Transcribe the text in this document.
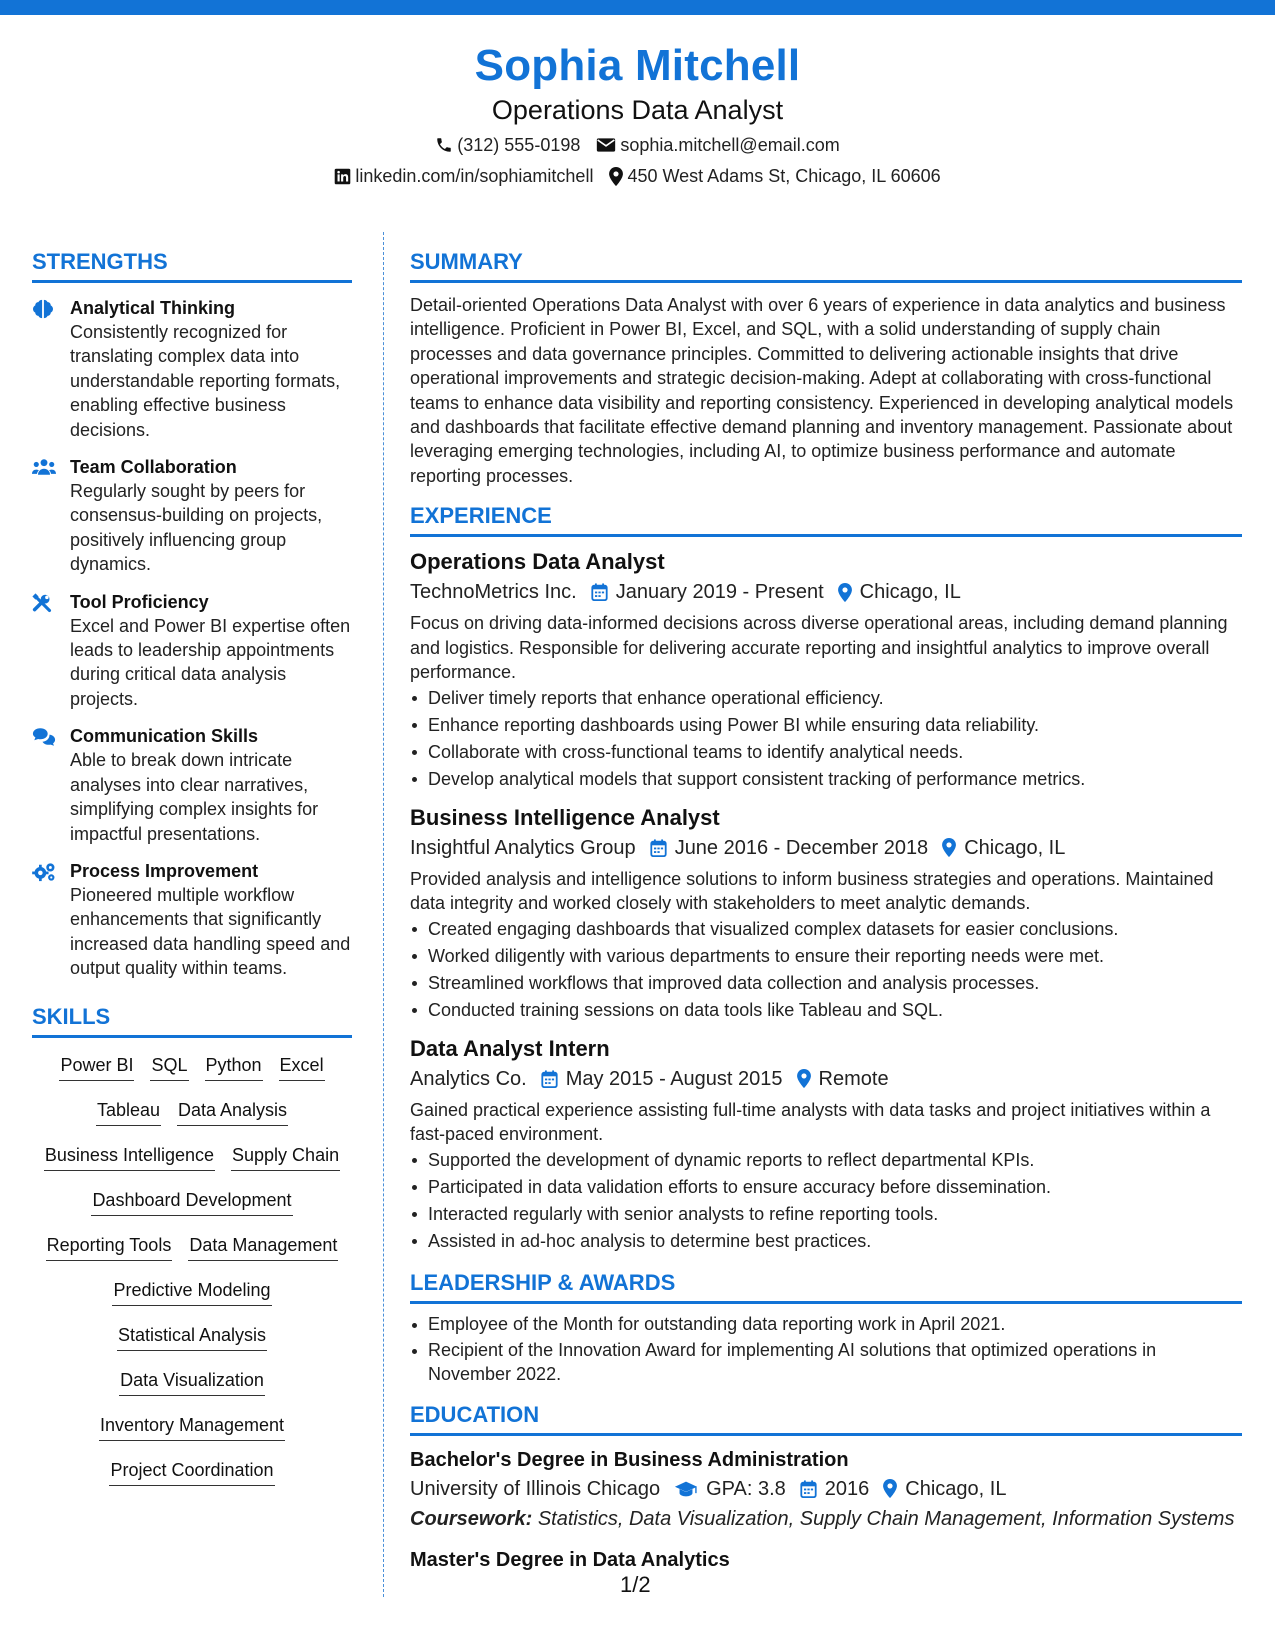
Sophia Mitchell
Operations Data Analyst
(312) 555-0198 sophia.mitchell@email.com
linkedin.com/in/sophiamitchell 450 West Adams St, Chicago, IL 60606
STRENGTHS
Analytical Thinking
Consistently recognized for translating complex data into understandable reporting formats, enabling effective business decisions.
Team Collaboration
Regularly sought by peers for consensus-building on projects, positively influencing group dynamics.
Tool Proficiency
Excel and Power BI expertise often leads to leadership appointments during critical data analysis projects.
Communication Skills
Able to break down intricate analyses into clear narratives, simplifying complex insights for impactful presentations.
Process Improvement
Pioneered multiple workflow enhancements that significantly increased data handling speed and output quality within teams.
SKILLS
Power BI SQL Python Excel
Tableau Data Analysis
Business Intelligence Supply Chain
Dashboard Development
Reporting Tools Data Management
Predictive Modeling
Statistical Analysis
Data Visualization
Inventory Management
Project Coordination
SUMMARY
Detail-oriented Operations Data Analyst with over 6 years of experience in data analytics and business intelligence. Proficient in Power BI, Excel, and SQL, with a solid understanding of supply chain processes and data governance principles. Committed to delivering actionable insights that drive operational improvements and strategic decision-making. Adept at collaborating with cross-functional teams to enhance data visibility and reporting consistency. Experienced in developing analytical models and dashboards that facilitate effective demand planning and inventory management. Passionate about leveraging emerging technologies, including AI, to optimize business performance and automate reporting processes.
EXPERIENCE
Operations Data Analyst
TechnoMetrics Inc. January 2019 - Present Chicago, IL
Focus on driving data-informed decisions across diverse operational areas, including demand planning and logistics. Responsible for delivering accurate reporting and insightful analytics to improve overall performance.
Deliver timely reports that enhance operational efficiency.
Enhance reporting dashboards using Power BI while ensuring data reliability.
Collaborate with cross-functional teams to identify analytical needs.
Develop analytical models that support consistent tracking of performance metrics.
Business Intelligence Analyst
Insightful Analytics Group June 2016 - December 2018 Chicago, IL
Provided analysis and intelligence solutions to inform business strategies and operations. Maintained data integrity and worked closely with stakeholders to meet analytic demands.
Created engaging dashboards that visualized complex datasets for easier conclusions.
Worked diligently with various departments to ensure their reporting needs were met.
Streamlined workflows that improved data collection and analysis processes.
Conducted training sessions on data tools like Tableau and SQL.
Data Analyst Intern
Analytics Co. May 2015 - August 2015 Remote
Gained practical experience assisting full-time analysts with data tasks and project initiatives within a fast-paced environment.
Supported the development of dynamic reports to reflect departmental KPIs.
Participated in data validation efforts to ensure accuracy before dissemination.
Interacted regularly with senior analysts to refine reporting tools.
Assisted in ad-hoc analysis to determine best practices.
LEADERSHIP & AWARDS
Employee of the Month for outstanding data reporting work in April 2021.
Recipient of the Innovation Award for implementing AI solutions that optimized operations in November 2022.
EDUCATION
Bachelor's Degree in Business Administration
University of Illinois Chicago GPA: 3.8 2016 Chicago, IL
Coursework: Statistics, Data Visualization, Supply Chain Management, Information Systems
Master's Degree in Data Analytics
1/2
